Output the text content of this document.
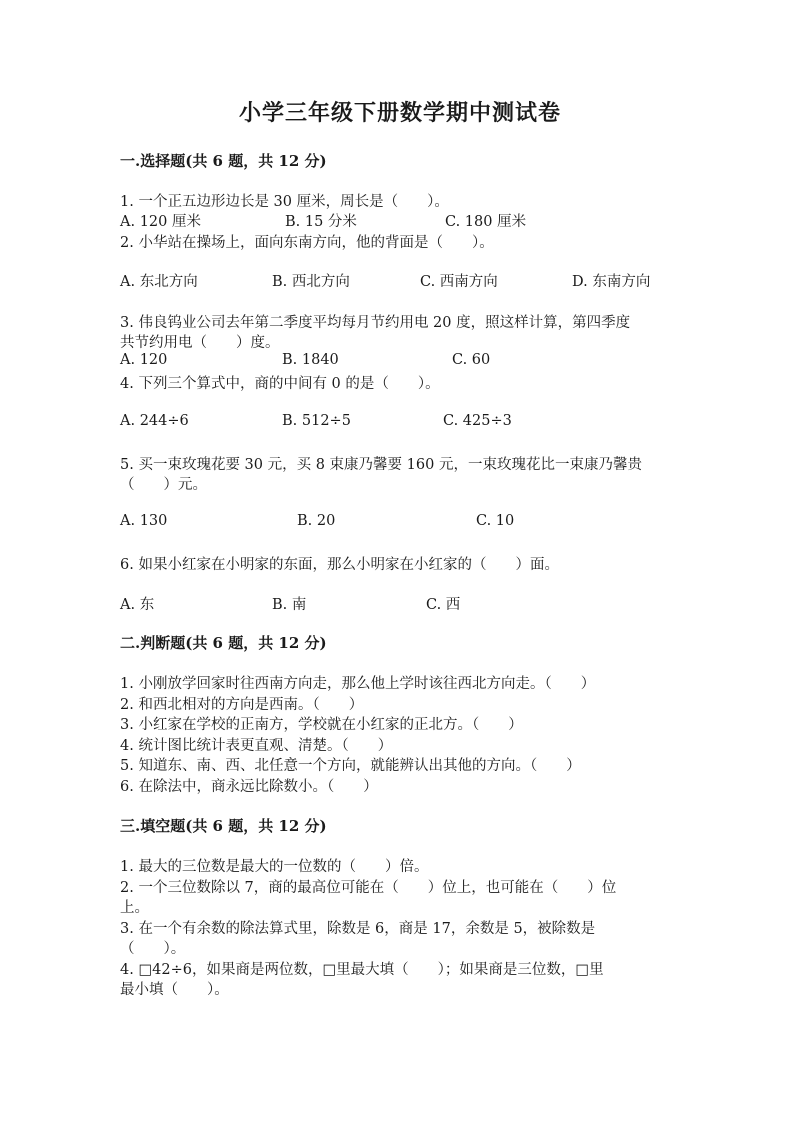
小学三年级下册数学期中测试卷
一.选择题(共 6 题，共 12 分)
1. 一个正五边形边长是 30 厘米，周长是（　　）。
A. 120 厘米	B. 15 分米	C. 180 厘米
2. 小华站在操场上，面向东南方向，他的背面是（　　）。
A. 东北方向	B. 西北方向	C. 西南方向	D. 东南方向
3. 伟良钨业公司去年第二季度平均每月节约用电 20 度，照这样计算，第四季度
共节约用电（　　）度。
A. 120	B. 1840	C. 60
4. 下列三个算式中，商的中间有 0 的是（　　）。
A. 244÷6	B. 512÷5	C. 425÷3
5. 买一束玫瑰花要 30 元，买 8 束康乃馨要 160 元，一束玫瑰花比一束康乃馨贵
（　　）元。
A. 130	B. 20	C. 10
6. 如果小红家在小明家的东面，那么小明家在小红家的（　　）面。
A. 东	B. 南	C. 西
二.判断题(共 6 题，共 12 分)
1. 小刚放学回家时往西南方向走，那么他上学时该往西北方向走。（　　）
2. 和西北相对的方向是西南。（　　）
3. 小红家在学校的正南方，学校就在小红家的正北方。（　　）
4. 统计图比统计表更直观、清楚。（　　）
5. 知道东、南、西、北任意一个方向，就能辨认出其他的方向。（　　）
6. 在除法中，商永远比除数小。（　　）
三.填空题(共 6 题，共 12 分)
1. 最大的三位数是最大的一位数的（　　）倍。
2. 一个三位数除以 7，商的最高位可能在（　　）位上，也可能在（　　）位
上。
3. 在一个有余数的除法算式里，除数是 6，商是 17，余数是 5，被除数是
（　　）。
4. □42÷6，如果商是两位数，□里最大填（　　）；如果商是三位数，□里
最小填（　　）。
